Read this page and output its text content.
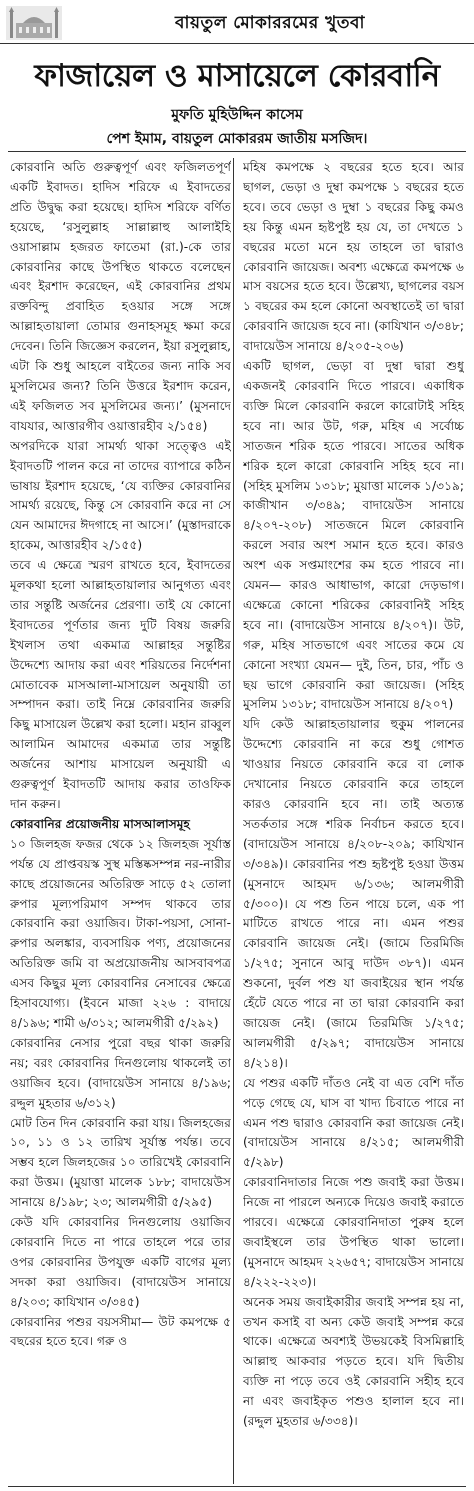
বায়তুল মোকাররমের খুতবা
ফাজায়েল ও মাসায়েলে কোরবানি
মুফতি মুহিউদ্দিন কাসেম
পেশ ইমাম, বায়তুল মোকাররম জাতীয় মসজিদ।

কোরবানি অতি গুরুত্বপূর্ণ এবং ফজিলতপূর্ণ একটি ইবাদত। হাদিস শরিফে এ ইবাদতের প্রতি উদ্বুদ্ধ করা হয়েছে। হাদিস শরিফে বর্ণিত হয়েছে, ‘রসুলুল্লাহ সাল্লাল্লাহু আলাইহি ওয়াসাল্লাম হজরত ফাতেমা (রা.)-কে তার কোরবানির কাছে উপস্থিত থাকতে বলেছেন এবং ইরশাদ করেছেন, এই কোরবানির প্রথম রক্তবিন্দু প্রবাহিত হওয়ার সঙ্গে সঙ্গে আল্লাহতায়ালা তোমার গুনাহসমূহ ক্ষমা করে দেবেন। তিনি জিজ্ঞেস করলেন, ইয়া রসুলুল্লাহ, এটা কি শুধু আহলে বাইতের জন্য নাকি সব মুসলিমের জন্য? তিনি উত্তরে ইরশাদ করেন, এই ফজিলত সব মুসলিমের জন্য।’ (মুসনাদে বাযযার, আত্তারগীব ওয়াত্তারহীব ২/১৫৪)

অপরদিকে যারা সামর্থ্য থাকা সত্ত্বেও এই ইবাদতটি পালন করে না তাদের ব্যাপারে কঠিন ভাষায় ইরশাদ হয়েছে, ‘যে ব্যক্তির কোরবানির সামর্থ্য রয়েছে, কিন্তু সে কোরবানি করে না সে যেন আমাদের ঈদগাহে না আসে।’ (মুস্তাদরাকে হাকেম, আত্তারহীব ২/১৫৫)

তবে এ ক্ষেত্রে স্মরণ রাখতে হবে, ইবাদতের মূলকথা হলো আল্লাহতায়ালার আনুগত্য এবং তার সন্তুষ্টি অর্জনের প্রেরণা। তাই যে কোনো ইবাদতের পূর্ণতার জন্য দুটি বিষয় জরুরি ইখলাস তথা একমাত্র আল্লাহর সন্তুষ্টির উদ্দেশ্যে আদায় করা এবং শরিয়তের নির্দেশনা মোতাবেক মাসআলা-মাসায়েল অনুযায়ী তা সম্পাদন করা। তাই নিম্নে কোরবানির জরুরি কিছু মাসায়েল উল্লেখ করা হলো। মহান রাব্বুল আলামিন আমাদের একমাত্র তার সন্তুষ্টি অর্জনের আশায় মাসায়েল অনুযায়ী এ গুরুত্বপূর্ণ ইবাদতটি আদায় করার তাওফিক দান করুন।

কোরবানির প্রয়োজনীয় মাসআলাসমূহ

১০ জিলহজ ফজর থেকে ১২ জিলহজ সূর্যাস্ত পর্যন্ত যে প্রাপ্তবয়স্ক সুস্থ মস্তিষ্কসম্পন্ন নর-নারীর কাছে প্রয়োজনের অতিরিক্ত সাড়ে ৫২ তোলা রুপার মূল্যপরিমাণ সম্পদ থাকবে তার কোরবানি করা ওয়াজিব। টাকা-পয়সা, সোনা-রুপার অলঙ্কার, ব্যবসায়িক পণ্য, প্রয়োজনের অতিরিক্ত জমি বা অপ্রয়োজনীয় আসবাবপত্র এসব কিছুর মূল্য কোরবানির নেসাবের ক্ষেত্রে হিসাবযোগ্য। (ইবনে মাজা ২২৬ : বাদায়ে ৪/১৯৬; শামী ৬/৩১২; আলমগীরী ৫/২৯২)

কোরবানির নেসার পুরো বছর থাকা জরুরি নয়; বরং কোরবানির দিনগুলোয় থাকলেই তা ওয়াজিব হবে। (বাদায়েউস সানায়ে ৪/১৯৬; রদ্দুল মুহতার ৬/৩১২)

মোট তিন দিন কোরবানি করা যায়। জিলহজের ১০, ১১ ও ১২ তারিখ সূর্যাস্ত পর্যন্ত। তবে সম্ভব হলে জিলহজের ১০ তারিখেই কোরবানি করা উত্তম। (মুয়াত্তা মালেক ১৮৮; বাদায়েউস সানায়ে ৪/১৯৮; ২৩; আলমগীরী ৫/২৯৫)

কেউ যদি কোরবানির দিনগুলোয় ওয়াজিব কোরবানি দিতে না পারে তাহলে পরে তার ওপর কোরবানির উপযুক্ত একটি বাগের মূল্য সদকা করা ওয়াজিব। (বাদায়েউস সানায়ে ৪/২০৩; কাযিখান ৩/৩৪৫)

কোরবানির পশুর বয়সসীমা— উট কমপক্ষে ৫ বছরের হতে হবে। গরু ও

মহিষ কমপক্ষে ২ বছরের হতে হবে। আর ছাগল, ভেড়া ও দুম্বা কমপক্ষে ১ বছরের হতে হবে। তবে ভেড়া ও দুম্বা ১ বছরের কিছু কমও হয় কিন্তু এমন হৃষ্টপুষ্ট হয় যে, তা দেখতে ১ বছরের মতো মনে হয় তাহলে তা দ্বারাও কোরবানি জায়েজ। অবশ্য এক্ষেত্রে কমপক্ষে ৬ মাস বয়সের হতে হবে। উল্লেখ্য, ছাগলের বয়স ১ বছরের কম হলে কোনো অবস্থাতেই তা দ্বারা কোরবানি জায়েজ হবে না। (কাযিখান ৩/৩৪৮; বাদায়েউস সানায়ে ৪/২০৫-২০৬)

একটি ছাগল, ভেড়া বা দুম্বা দ্বারা শুধু একজনই কোরবানি দিতে পারবে। একাধিক ব্যক্তি মিলে কোরবানি করলে কারোটাই সহিহ হবে না। আর উট, গরু, মহিষ এ সর্বোচ্চ সাতজন শরিক হতে পারবে। সাতের অধিক শরিক হলে কারো কোরবানি সহিহ হবে না। (সহিহ মুসলিম ১৩১৮; মুয়াত্তা মালেক ১/৩১৯; কাজীখান ৩/৩৪৯; বাদায়েউস সানায়ে ৪/২০৭-২০৮) সাতজনে মিলে কোরবানি করলে সবার অংশ সমান হতে হবে। কারও অংশ এক সপ্তমাংশের কম হতে পারবে না। যেমন— কারও আধাভাগ, কারো দেড়ভাগ। এক্ষেত্রে কোনো শরিকের কোরবানিই সহিহ হবে না। (বাদায়েউস সানায়ে ৪/২০৭)। উট, গরু, মহিষ সাতভাগে এবং সাতের কমে যে কোনো সংখ্যা যেমন— দুই, তিন, চার, পাঁচ ও ছয় ভাগে কোরবানি করা জায়েজ। (সহিহ মুসলিম ১৩১৮; বাদায়েউস সানায়ে ৪/২০৭)

যদি কেউ আল্লাহতায়ালার হুকুম পালনের উদ্দেশ্যে কোরবানি না করে শুধু গোশত খাওয়ার নিয়তে কোরবানি করে বা লোক দেখানোর নিয়তে কোরবানি করে তাহলে কারও কোরবানি হবে না। তাই অত্যন্ত সতর্কতার সঙ্গে শরিক নির্বাচন করতে হবে। (বাদায়েউস সানায়ে ৪/২০৮-২০৯; কাযিখান ৩/৩৪৯)। কোরবানির পশু হৃষ্টপুষ্ট হওয়া উত্তম (মুসনাদে আহমদ ৬/১৩৬; আলমগীরী ৫/৩০০)। যে পশু তিন পায়ে চলে, এক পা মাটিতে রাখতে পারে না। এমন পশুর কোরবানি জায়েজ নেই। (জামে তিরমিজি ১/২৭৫; সুনানে আবু দাউদ ৩৮৭)। এমন শুকনো, দুর্বল পশু যা জবাইয়ের স্থান পর্যন্ত হেঁটে যেতে পারে না তা দ্বারা কোরবানি করা জায়েজ নেই। (জামে তিরমিজি ১/২৭৫; আলমগীরী ৫/২৯৭; বাদায়েউস সানায়ে ৪/২১৪)।

যে পশুর একটি দাঁতও নেই বা এত বেশি দাঁত পড়ে গেছে যে, ঘাস বা খাদ্য চিবাতে পারে না এমন পশু দ্বারাও কোরবানি করা জায়েজ নেই। (বাদায়েউস সানায়ে ৪/২১৫; আলমগীরী ৫/২৯৮)

কোরবানিদাতার নিজে পশু জবাই করা উত্তম। নিজে না পারলে অন্যকে দিয়েও জবাই করাতে পারবে। এক্ষেত্রে কোরবানিদাতা পুরুষ হলে জবাইস্থলে তার উপস্থিত থাকা ভালো। (মুসনাদে আহমদ ২২৬৫৭; বাদায়েউস সানায়ে ৪/২২২-২২৩)।

অনেক সময় জবাইকারীর জবাই সম্পন্ন হয় না, তখন কসাই বা অন্য কেউ জবাই সম্পন্ন করে থাকে। এক্ষেত্রে অবশ্যই উভয়কেই বিসমিল্লাহি আল্লাহু আকবার পড়তে হবে। যদি দ্বিতীয় ব্যক্তি না পড়ে তবে ওই কোরবানি সহীহ হবে না এবং জবাইকৃত পশুও হালাল হবে না। (রদ্দুল মুহতার ৬/৩৩৪)।
